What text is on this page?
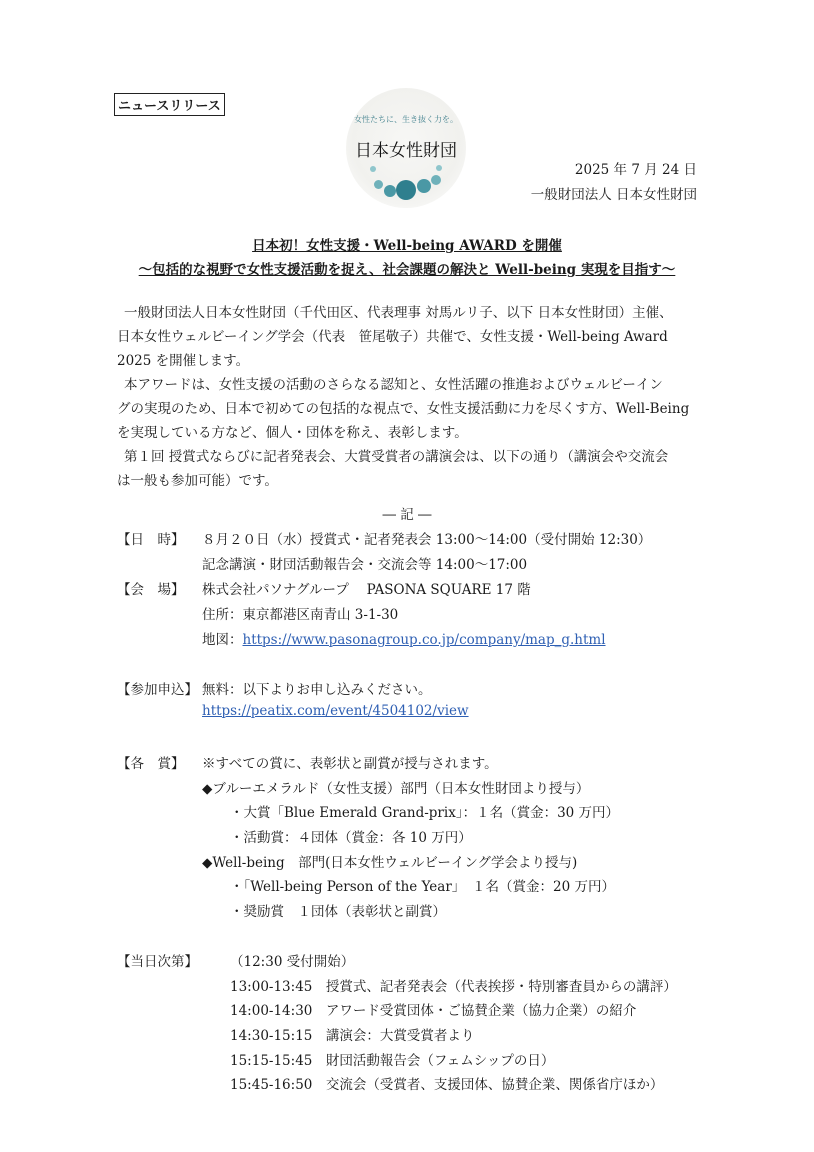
ニュースリリース
女性たちに、生き抜く力を。
日本女性財団
2025 年 7 月 24 日
一般財団法人 日本女性財団
日本初！女性支援・Well-being AWARD を開催
〜包括的な視野で女性支援活動を捉え、社会課題の解決と Well-being 実現を目指す〜
一般財団法人日本女性財団（千代田区、代表理事 対馬ルリ子、以下 日本女性財団）主催、
日本女性ウェルビーイング学会（代表　笹尾敬子）共催で、女性支援・Well-being Award
2025 を開催します。
本アワードは、女性支援の活動のさらなる認知と、女性活躍の推進およびウェルビーイン
グの実現のため、日本で初めての包括的な視点で、女性支援活動に力を尽くす方、Well-Being
を実現している方など、個人・団体を称え、表彰します。
第１回 授賞式ならびに記者発表会、大賞受賞者の講演会は、以下の通り（講演会や交流会
は一般も参加可能）です。
― 記 ―
【日　時】 ８月２０日（水）授賞式・記者発表会 13:00〜14:00（受付開始 12:30）
記念講演・財団活動報告会・交流会等 14:00〜17:00
【会　場】 株式会社パソナグループ　 PASONA SQUARE 17 階
住所：東京都港区南青山 3-1-30
地図：https://www.pasonagroup.co.jp/company/map_g.html
【参加申込】 無料：以下よりお申し込みください。
https://peatix.com/event/4504102/view
【各　賞】 ※すべての賞に、表彰状と副賞が授与されます。
◆ブルーエメラルド（女性支援）部門（日本女性財団より授与）
・大賞「Blue Emerald Grand-prix」：１名（賞金：30 万円）
・活動賞：４団体（賞金：各 10 万円）
◆Well-being　部門(日本女性ウェルビーイング学会より授与)
・「Well-being Person of the Year」　１名（賞金：20 万円）
・奨励賞　１団体（表彰状と副賞）
【当日次第】 （12:30 受付開始）
13:00-13:45　授賞式、記者発表会（代表挨拶・特別審査員からの講評）
14:00-14:30　アワード受賞団体・ご協賛企業（協力企業）の紹介
14:30-15:15　講演会：大賞受賞者より
15:15-15:45　財団活動報告会（フェムシップの日）
15:45-16:50　交流会（受賞者、支援団体、協賛企業、関係省庁ほか）
